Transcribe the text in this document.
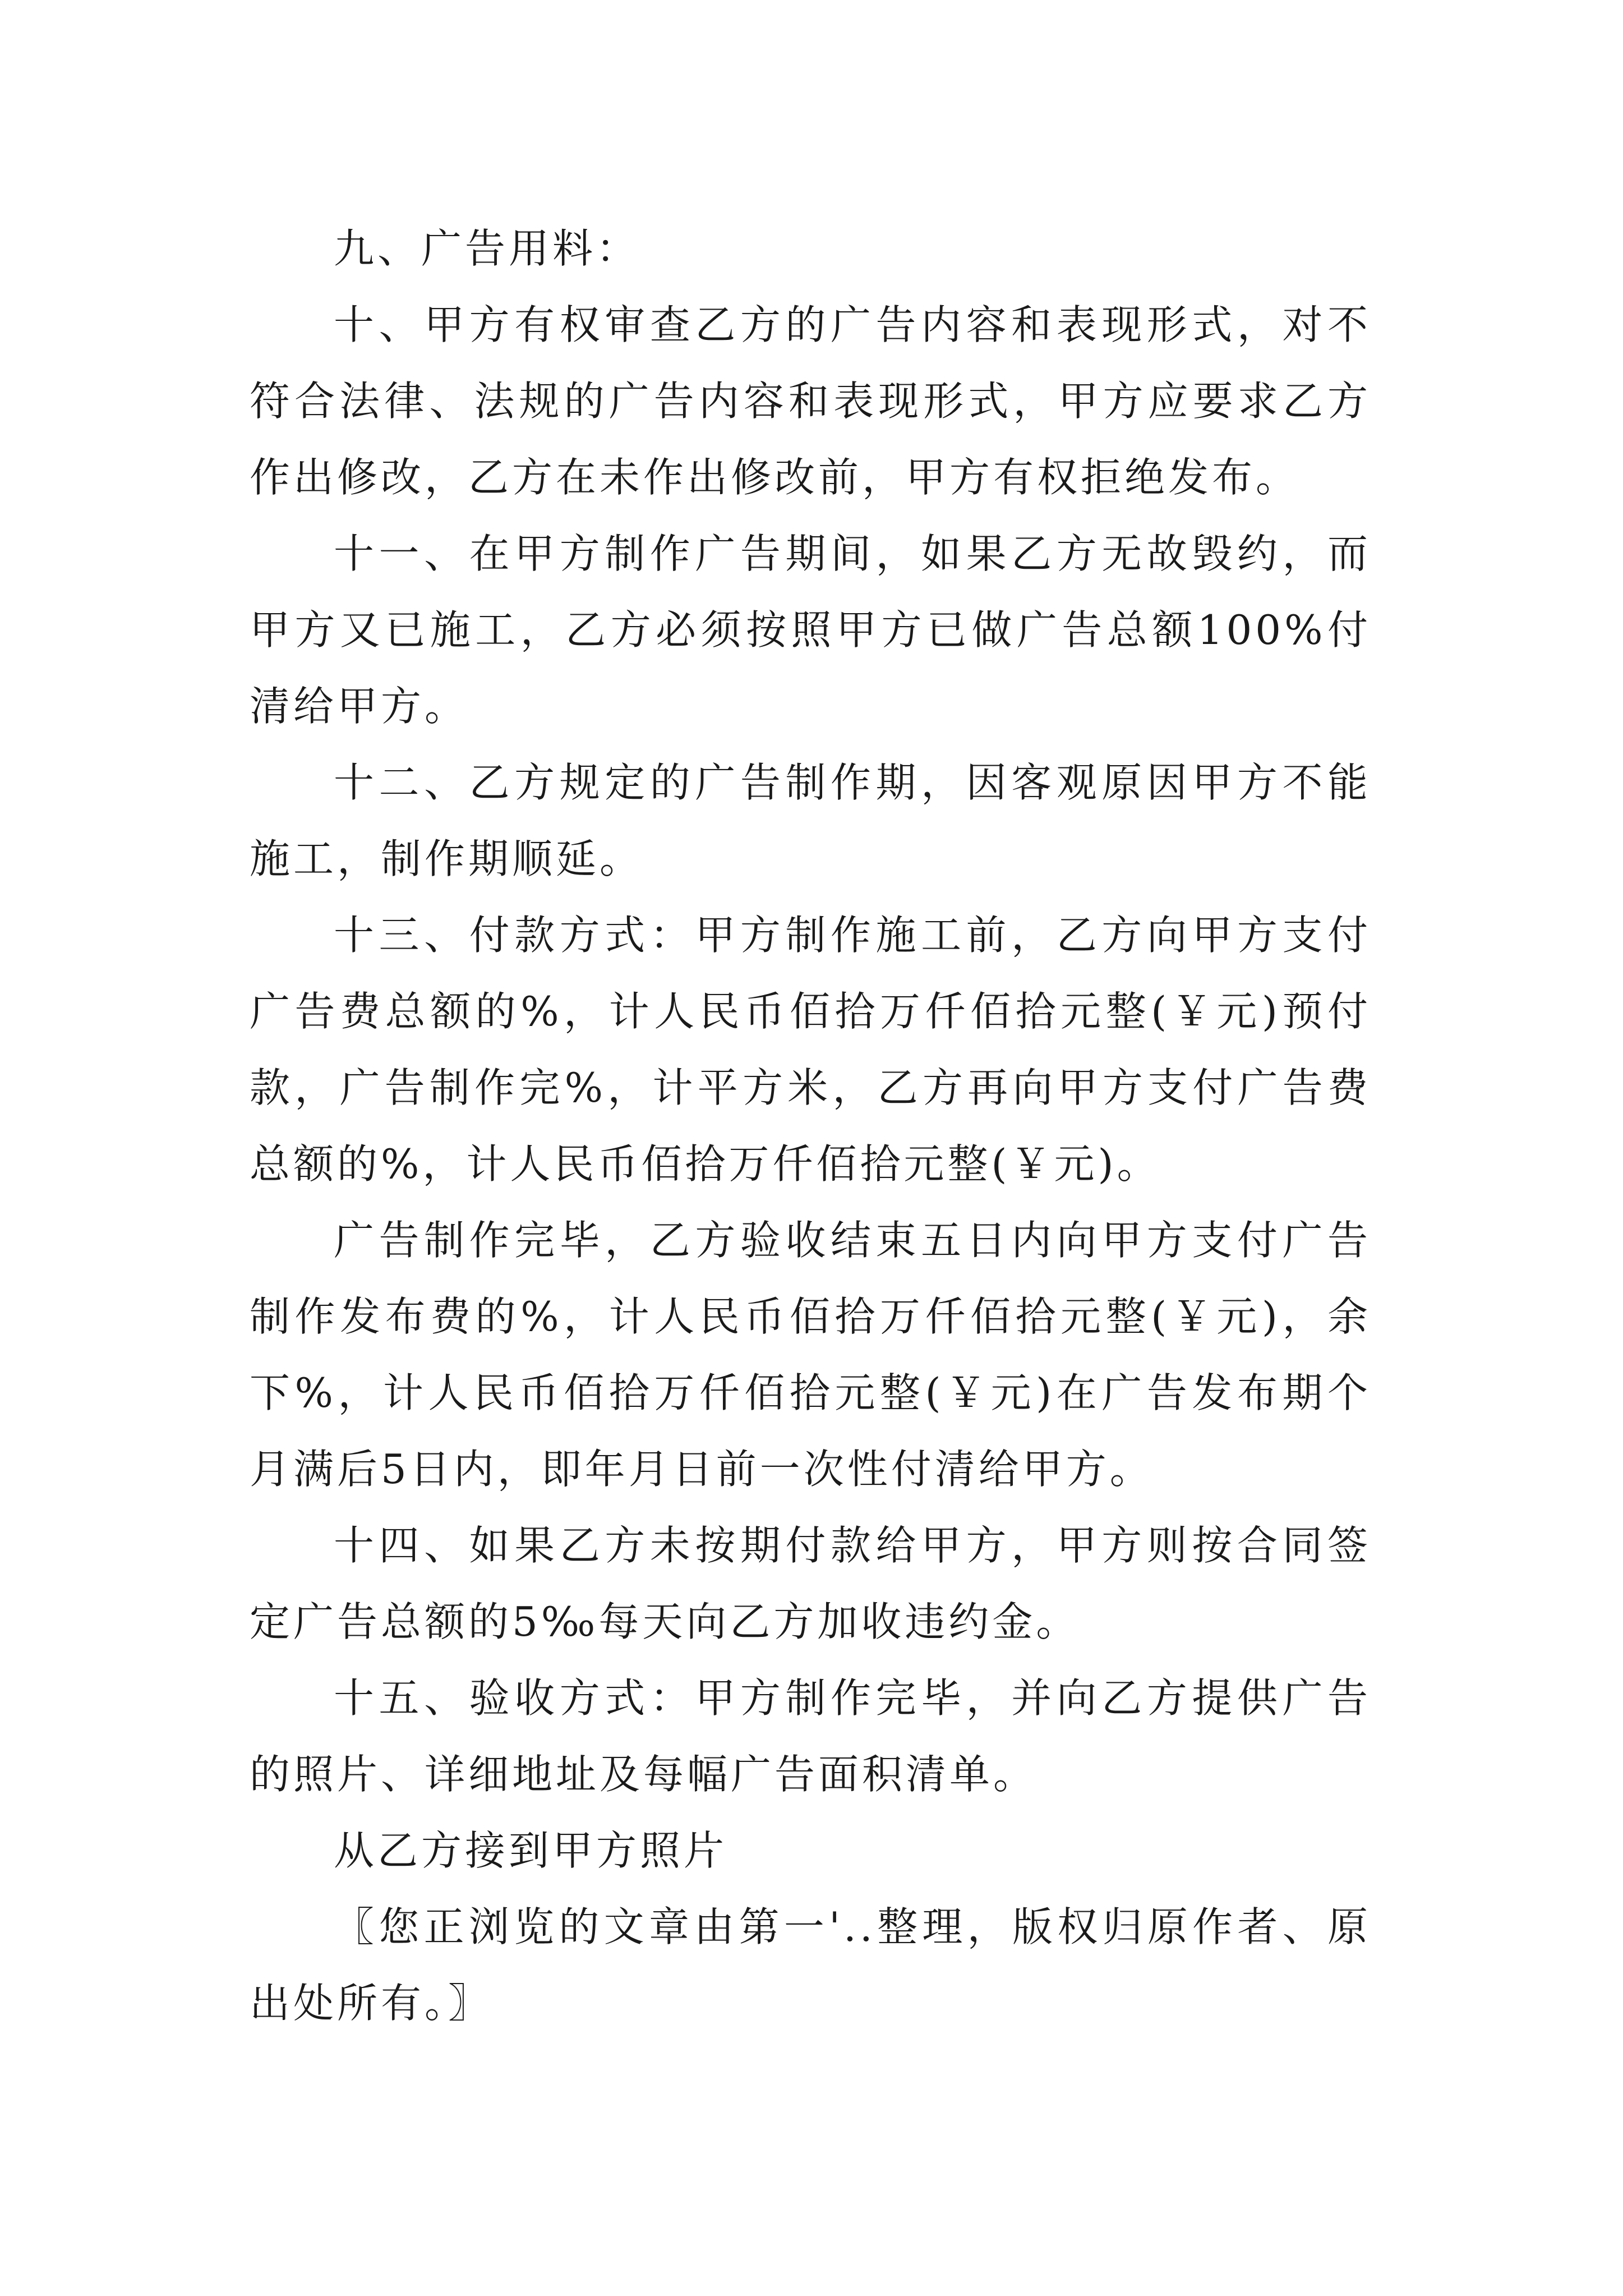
九、广告用料：

十、甲方有权审查乙方的广告内容和表现形式，对不符合法律、法规的广告内容和表现形式，甲方应要求乙方作出修改，乙方在未作出修改前，甲方有权拒绝发布。

十一、在甲方制作广告期间，如果乙方无故毁约，而甲方又已施工，乙方必须按照甲方已做广告总额100%付清给甲方。

十二、乙方规定的广告制作期，因客观原因甲方不能施工，制作期顺延。

十三、付款方式：甲方制作施工前，乙方向甲方支付广告费总额的%，计人民币佰拾万仟佰拾元整(￥元)预付款，广告制作完%，计平方米，乙方再向甲方支付广告费总额的%，计人民币佰拾万仟佰拾元整(￥元)。

广告制作完毕，乙方验收结束五日内向甲方支付广告制作发布费的%，计人民币佰拾万仟佰拾元整(￥元)，余下%，计人民币佰拾万仟佰拾元整(￥元)在广告发布期个月满后5日内，即年月日前一次性付清给甲方。

十四、如果乙方未按期付款给甲方，甲方则按合同签定广告总额的5‰每天向乙方加收违约金。

十五、验收方式：甲方制作完毕，并向乙方提供广告的照片、详细地址及每幅广告面积清单。

从乙方接到甲方照片

〖您正浏览的文章由第一'..整理，版权归原作者、原出处所有。〗
